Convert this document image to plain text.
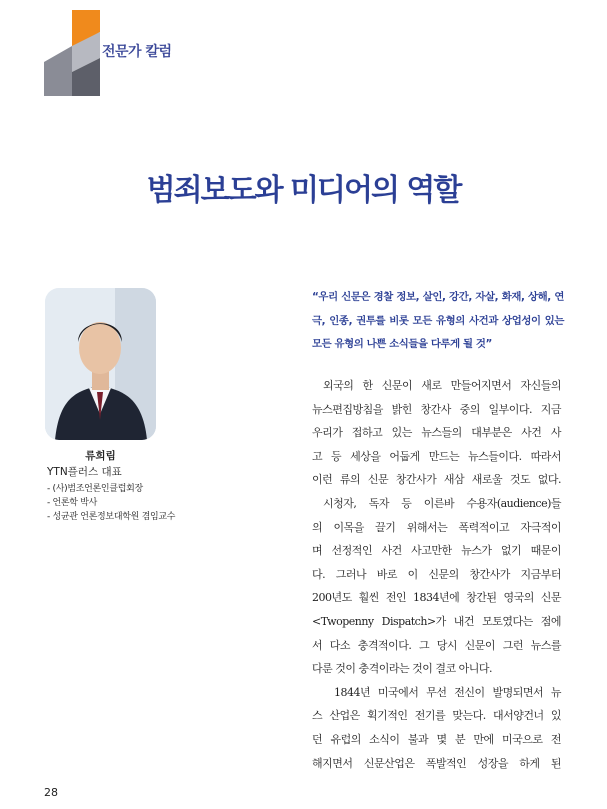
전문가 칼럼
범죄보도와 미디어의 역할
류희림
YTN플러스 대표
- (사)범조언론인클럽회장
- 언론학 박사
- 성균관 언론정보대학원 겸임교수
“우리 신문은 경찰 정보, 살인, 강간, 자살, 화재, 상해, 연극, 인종, 권투를 비롯 모든 유형의 사건과 상업성이 있는 모든 유형의 나쁜 소식들을 다루게 될 것”

외국의 한 신문이 새로 만들어지면서 자신들의

뉴스편집방침을 밝힌 창간사 중의 일부이다. 지금

우리가 접하고 있는 뉴스들의 대부분은 사건 사

고 등 세상을 어둡게 만드는 뉴스들이다. 따라서

이런 류의 신문 창간사가 새삼 새로울 것도 없다.

시청자, 독자 등 이른바 수용자(audience)들

의 이목을 끌기 위해서는 폭력적이고 자극적이

며 선정적인 사건 사고만한 뉴스가 없기 때문이

다. 그러나 바로 이 신문의 창간사가 지금부터

200년도 훨씬 전인 1834년에 창간된 영국의 신문

<Twopenny Dispatch>가 내건 모토였다는 점에

서 다소 충격적이다. 그 당시 신문이 그런 뉴스를

다룬 것이 충격이라는 것이 결코 아니다.

1844년 미국에서 무선 전신이 발명되면서 뉴

스 산업은 획기적인 전기를 맞는다. 대서양건너 있

던 유럽의 소식이 불과 몇 분 만에 미국으로 전

해지면서 신문산업은 폭발적인 성장을 하게 된

28
